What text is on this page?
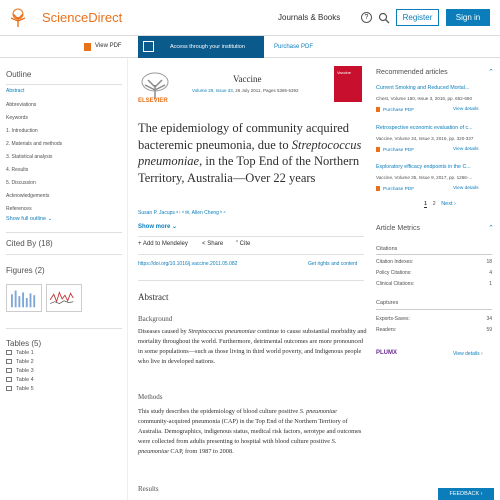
ScienceDirect	Journals & Books	?	Register	Sign in
View PDF	Access through your institution	Purchase PDF
Outline
Abstract
Abbreviations
Keywords
1. Introduction
2. Materials and methods
3. Statistical analysis
4. Results
5. Discussion
Acknowledgements
References
Show full outline ⌄
Cited By (18)
Figures (2)
Tables (5)
Table 1
Table 2
Table 3
Table 4
Table 5
ELSEVIER
Vaccine
Volume 29, Issue 33, 26 July 2011, Pages 5386-5392
Vaccine
The epidemiology of community acquired bacteremic pneumonia, due to Streptococcus pneumoniae, in the Top End of the Northern Territory, Australia—Over 22 years
Susan P. Jacups ᵃ ʲ ᵈ ✉, Allen Cheng ᵇ ᶜ
Show more ⌄
+ Add to Mendeley < Share ” Cite
https://doi.org/10.1016/j.vaccine.2011.05.082	Get rights and content
Abstract
Background

Diseases caused by Streptococcus pneumoniae continue to cause substantial morbidity and mortality throughout the world. Furthermore, detrimental outcomes are more pronounced in some populations—such as those living in third world poverty, and Indigenous people who live in developed nations.

Methods

This study describes the epidemiology of blood culture positive S. pneumoniae community-acquired pneumonia (CAP) in the Top End of the Northern Territory of Australia. Demographics, indigenous status, medical risk factors, serotype and outcomes were collected from adults presenting to hospital with blood culture positive S. pneumoniae CAP, from 1987 to 2008.

Results
Recommended articles	⌃
Current Smoking and Reduced Mortal...
Chest, Volume 150, Issue 3, 2016, pp. 652-660
Purchase PDF	View details
Retrospective economic evaluation of c...
Vaccine, Volume 34, Issue 3, 2016, pp. 320-327
Purchase PDF	View details
Exploratory efficacy endpoints in the C...
Vaccine, Volume 35, Issue 9, 2017, pp. 1266-...
Purchase PDF	View details
1 2 Next ›
Article Metrics	⌃
Citations
Citation Indexes:	18
Policy Citations:	4
Clinical Citations:	1
Captures
Exports-Saves:	34
Readers:	59
PLUMX	View details ›
FEEDBACK ›
